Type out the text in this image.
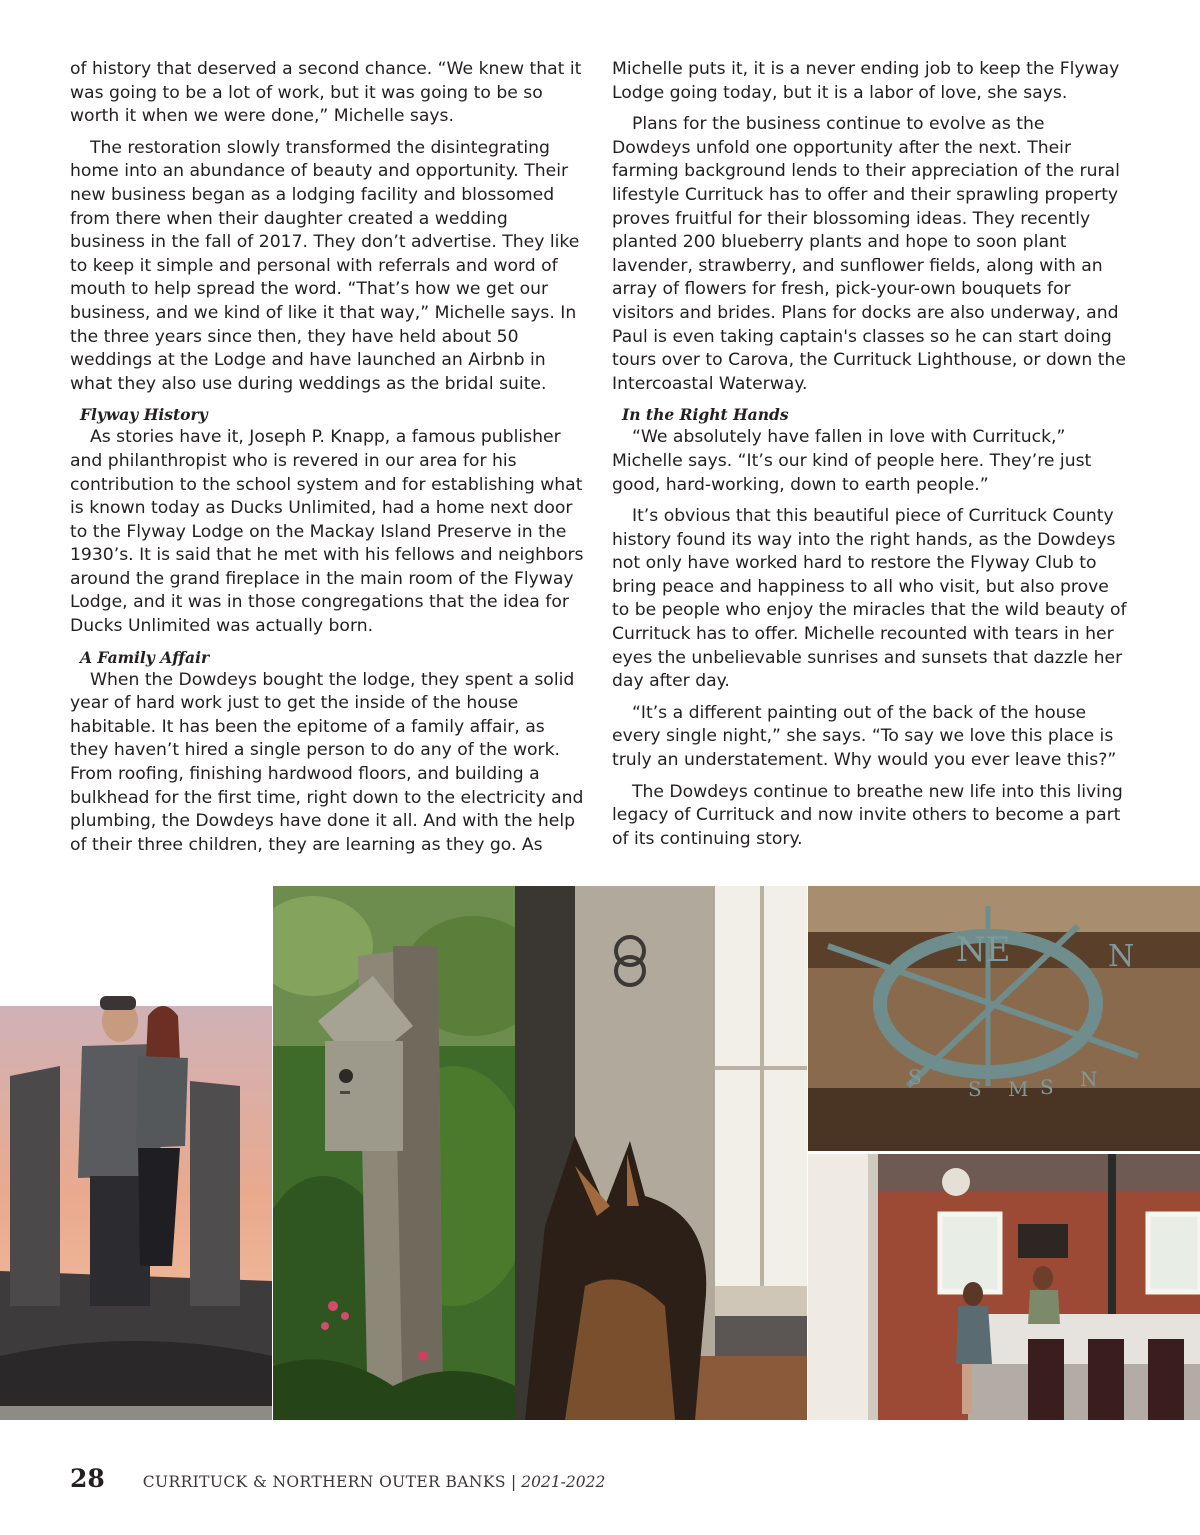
of history that deserved a second chance. “We knew that it was going to be a lot of work, but it was going to be so worth it when we were done,” Michelle says.

The restoration slowly transformed the disintegrating home into an abundance of beauty and opportunity. Their new business began as a lodging facility and blossomed from there when their daughter created a wedding business in the fall of 2017. They don’t advertise. They like to keep it simple and personal with referrals and word of mouth to help spread the word. “That’s how we get our business, and we kind of like it that way,” Michelle says. In the three years since then, they have held about 50 weddings at the Lodge and have launched an Airbnb in what they also use during weddings as the bridal suite.

Flyway History

As stories have it, Joseph P. Knapp, a famous publisher and philanthropist who is revered in our area for his contribution to the school system and for establishing what is known today as Ducks Unlimited, had a home next door to the Flyway Lodge on the Mackay Island Preserve in the 1930’s. It is said that he met with his fellows and neighbors around the grand fireplace in the main room of the Flyway Lodge, and it was in those congregations that the idea for Ducks Unlimited was actually born.

A Family Affair

When the Dowdeys bought the lodge, they spent a solid year of hard work just to get the inside of the house habitable. It has been the epitome of a family affair, as they haven’t hired a single person to do any of the work. From roofing, finishing hardwood floors, and building a bulkhead for the first time, right down to the electricity and plumbing, the Dowdeys have done it all. And with the help of their three children, they are learning as they go. As

Michelle puts it, it is a never ending job to keep the Flyway Lodge going today, but it is a labor of love, she says.

Plans for the business continue to evolve as the Dowdeys unfold one opportunity after the next. Their farming background lends to their appreciation of the rural lifestyle Currituck has to offer and their sprawling property proves fruitful for their blossoming ideas. They recently planted 200 blueberry plants and hope to soon plant lavender, strawberry, and sunflower fields, along with an array of flowers for fresh, pick-your-own bouquets for visitors and brides. Plans for docks are also underway, and Paul is even taking captain's classes so he can start doing tours over to Carova, the Currituck Lighthouse, or down the Intercoastal Waterway.

In the Right Hands

“We absolutely have fallen in love with Currituck,” Michelle says. “It’s our kind of people here. They’re just good, hard-working, down to earth people.”

It’s obvious that this beautiful piece of Currituck County history found its way into the right hands, as the Dowdeys not only have worked hard to restore the Flyway Club to bring peace and happiness to all who visit, but also prove to be people who enjoy the miracles that the wild beauty of Currituck has to offer. Michelle recounted with tears in her eyes the unbelievable sunrises and sunsets that dazzle her day after day.

“It’s a different painting out of the back of the house every single night,” she says. “To say we love this place is truly an understatement. Why would you ever leave this?”

The Dowdeys continue to breathe new life into this living legacy of Currituck and now invite others to become a part of its continuing story.

NE	N
S S M S N
28 CURRITUCK & NORTHERN OUTER BANKS | 2021-2022
